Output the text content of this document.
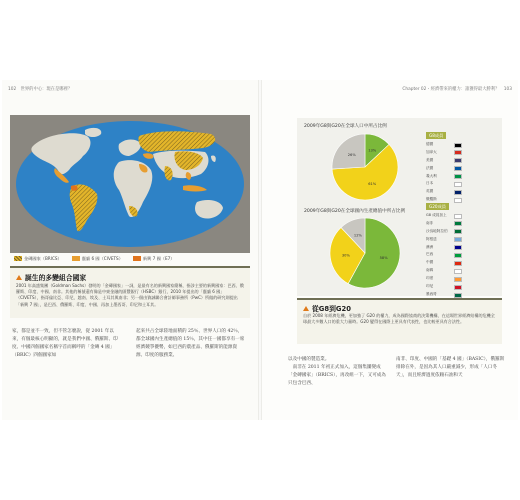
102 世界的中心：現在是哪裡？	Chapter 02・經濟帶來的權力：誰獲得最大勝利？ 103
金磚國家（BRICS）	靈貓 6 國（CIVETS）	新興 7 國（E7）
誕生的多變組合國家
2001 年高盛集團（Goldman Sachs）發明的「金磚國家」一詞，是最有名的新興國家簡稱，指涉主要的新興國家：巴西、俄羅斯、印度、中國、南非。其他的稱號還有像是中東金融的匯豐銀行（HSBC）銀行，2010 年提出的「靈貓 6 國」（CIVETS），指哥倫比亞、印尼、越南、埃及、土耳其與南非；另一個由資誠聯合會計師事務所（PwC）所做的研究則提出「新興 7 國」，是巴西、俄羅斯、印度、中國、再加上墨西哥、印尼和土耳其。
家，都是並不一致，但不管怎麼說，從 2001 年以來，有個最核心明顯的，就是我們中國、俄羅斯、印度、中國四個國家名稱字首而稱呼的「金磚 4 國」（BRIC）四個國家如
起來共占全球陸地面積的 25％、世界人口的 42％，都全球國內生產總值的 15％，其中任一國都享有一席經濟競爭優勢，如巴西的農產品、俄羅斯的能源資源、印度的服務業、
2009年G8與G20在全球人口中所占比例
13%
61%
26%
2009年G8與G20在全球國內生產總值中所占比例
58%
30%
12%
G8成員
德國
加拿大
美國
法國
義大利
日本
英國
俄羅斯
G20成員
G8 成員加上
南非
沙烏地阿拉伯
阿根廷
澳洲
巴西
中國
南韓
印度
印尼
墨西哥
從G8到G20
自於 2008 年經濟危機，更加強了 G20 的權力，成為國際協商的決策機構，在這場世界經濟結構的危機全球最大多數人口的重大力量時。G20 變得在國際上更具有代表性，也比較更具有合法性。
以及中國的製造業。
　南非在 2011 年初正式加入，這個集團變成「金磚國家」（BRICS），再改組一下，又可成為只包含巴西、
南非、印度、中國的「基礎 4 國」（BASIC），俄羅斯排除在外，是因為其人口嚴重減少，形成「人口冬天」，而且經濟過度依賴石油和天
